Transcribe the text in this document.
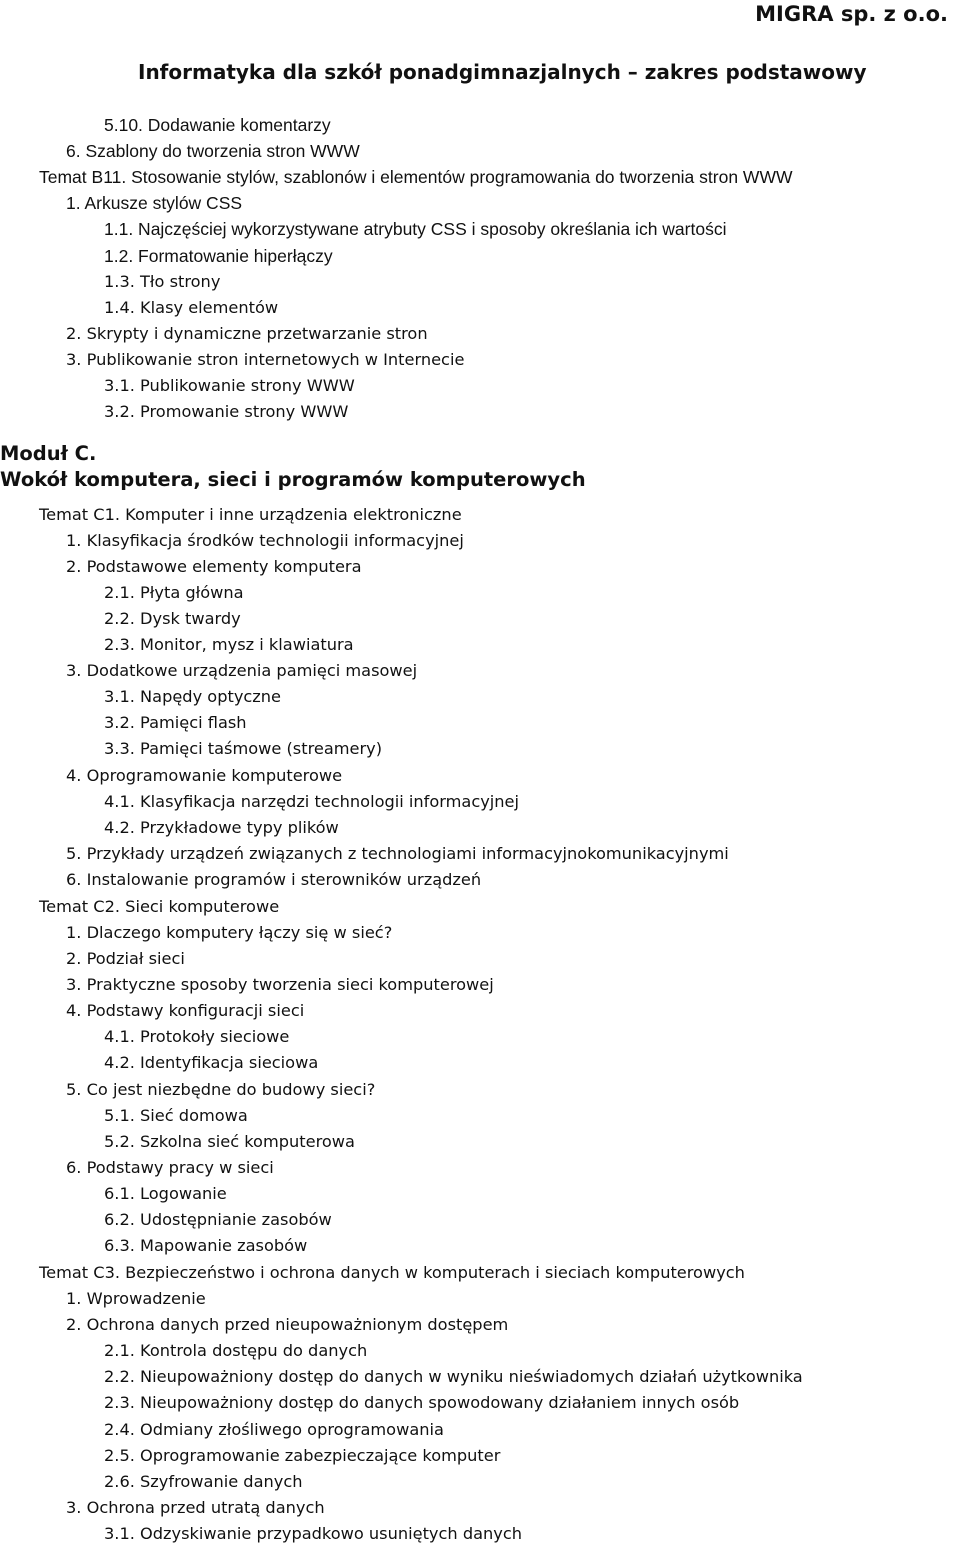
MIGRA sp. z o.o.
Informatyka dla szkół ponadgimnazjalnych – zakres podstawowy
5.10. Dodawanie komentarzy
6. Szablony do tworzenia stron WWW
Temat B11. Stosowanie stylów, szablonów i elementów programowania do tworzenia stron WWW
1. Arkusze stylów CSS
1.1. Najczęściej wykorzystywane atrybuty CSS i sposoby określania ich wartości
1.2. Formatowanie hiperłączy
1.3. Tło strony
1.4. Klasy elementów
2. Skrypty i dynamiczne przetwarzanie stron
3. Publikowanie stron internetowych w Internecie
3.1. Publikowanie strony WWW
3.2. Promowanie strony WWW
Moduł C.
Wokół komputera, sieci i programów komputerowych
Temat C1. Komputer i inne urządzenia elektroniczne
1. Klasyfikacja środków technologii informacyjnej
2. Podstawowe elementy komputera
2.1. Płyta główna
2.2. Dysk twardy
2.3. Monitor, mysz i klawiatura
3. Dodatkowe urządzenia pamięci masowej
3.1. Napędy optyczne
3.2. Pamięci flash
3.3. Pamięci taśmowe (streamery)
4. Oprogramowanie komputerowe
4.1. Klasyfikacja narzędzi technologii informacyjnej
4.2. Przykładowe typy plików
5. Przykłady urządzeń związanych z technologiami informacyjnokomunikacyjnymi
6. Instalowanie programów i sterowników urządzeń
Temat C2. Sieci komputerowe
1. Dlaczego komputery łączy się w sieć?
2. Podział sieci
3. Praktyczne sposoby tworzenia sieci komputerowej
4. Podstawy konfiguracji sieci
4.1. Protokoły sieciowe
4.2. Identyfikacja sieciowa
5. Co jest niezbędne do budowy sieci?
5.1. Sieć domowa
5.2. Szkolna sieć komputerowa
6. Podstawy pracy w sieci
6.1. Logowanie
6.2. Udostępnianie zasobów
6.3. Mapowanie zasobów
Temat C3. Bezpieczeństwo i ochrona danych w komputerach i sieciach komputerowych
1. Wprowadzenie
2. Ochrona danych przed nieupoważnionym dostępem
2.1. Kontrola dostępu do danych
2.2. Nieupoważniony dostęp do danych w wyniku nieświadomych działań użytkownika
2.3. Nieupoważniony dostęp do danych spowodowany działaniem innych osób
2.4. Odmiany złośliwego oprogramowania
2.5. Oprogramowanie zabezpieczające komputer
2.6. Szyfrowanie danych
3. Ochrona przed utratą danych
3.1. Odzyskiwanie przypadkowo usuniętych danych
